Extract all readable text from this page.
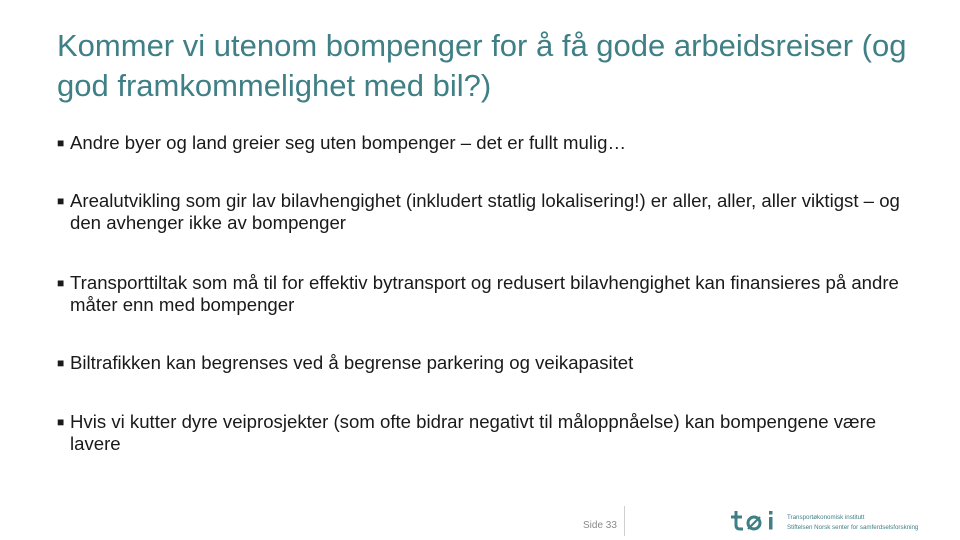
Kommer vi utenom bompenger for å få gode arbeidsreiser (og god framkommelighet med bil?)
■ Andre byer og land greier seg uten bompenger – det er fullt mulig…
■ Arealutvikling som gir lav bilavhengighet (inkludert statlig lokalisering!) er aller, aller, aller viktigst – og den avhenger ikke av bompenger
■ Transporttiltak som må til for effektiv bytransport og redusert bilavhengighet kan finansieres på andre måter enn med bompenger
■ Biltrafikken kan begrenses ved å begrense parkering og veikapasitet
■ Hvis vi kutter dyre veiprosjekter (som ofte bidrar negativt til måloppnåelse) kan bompengene være lavere
Side 33
Transportøkonomisk institutt
Stiftelsen Norsk senter for samferdselsforskning
